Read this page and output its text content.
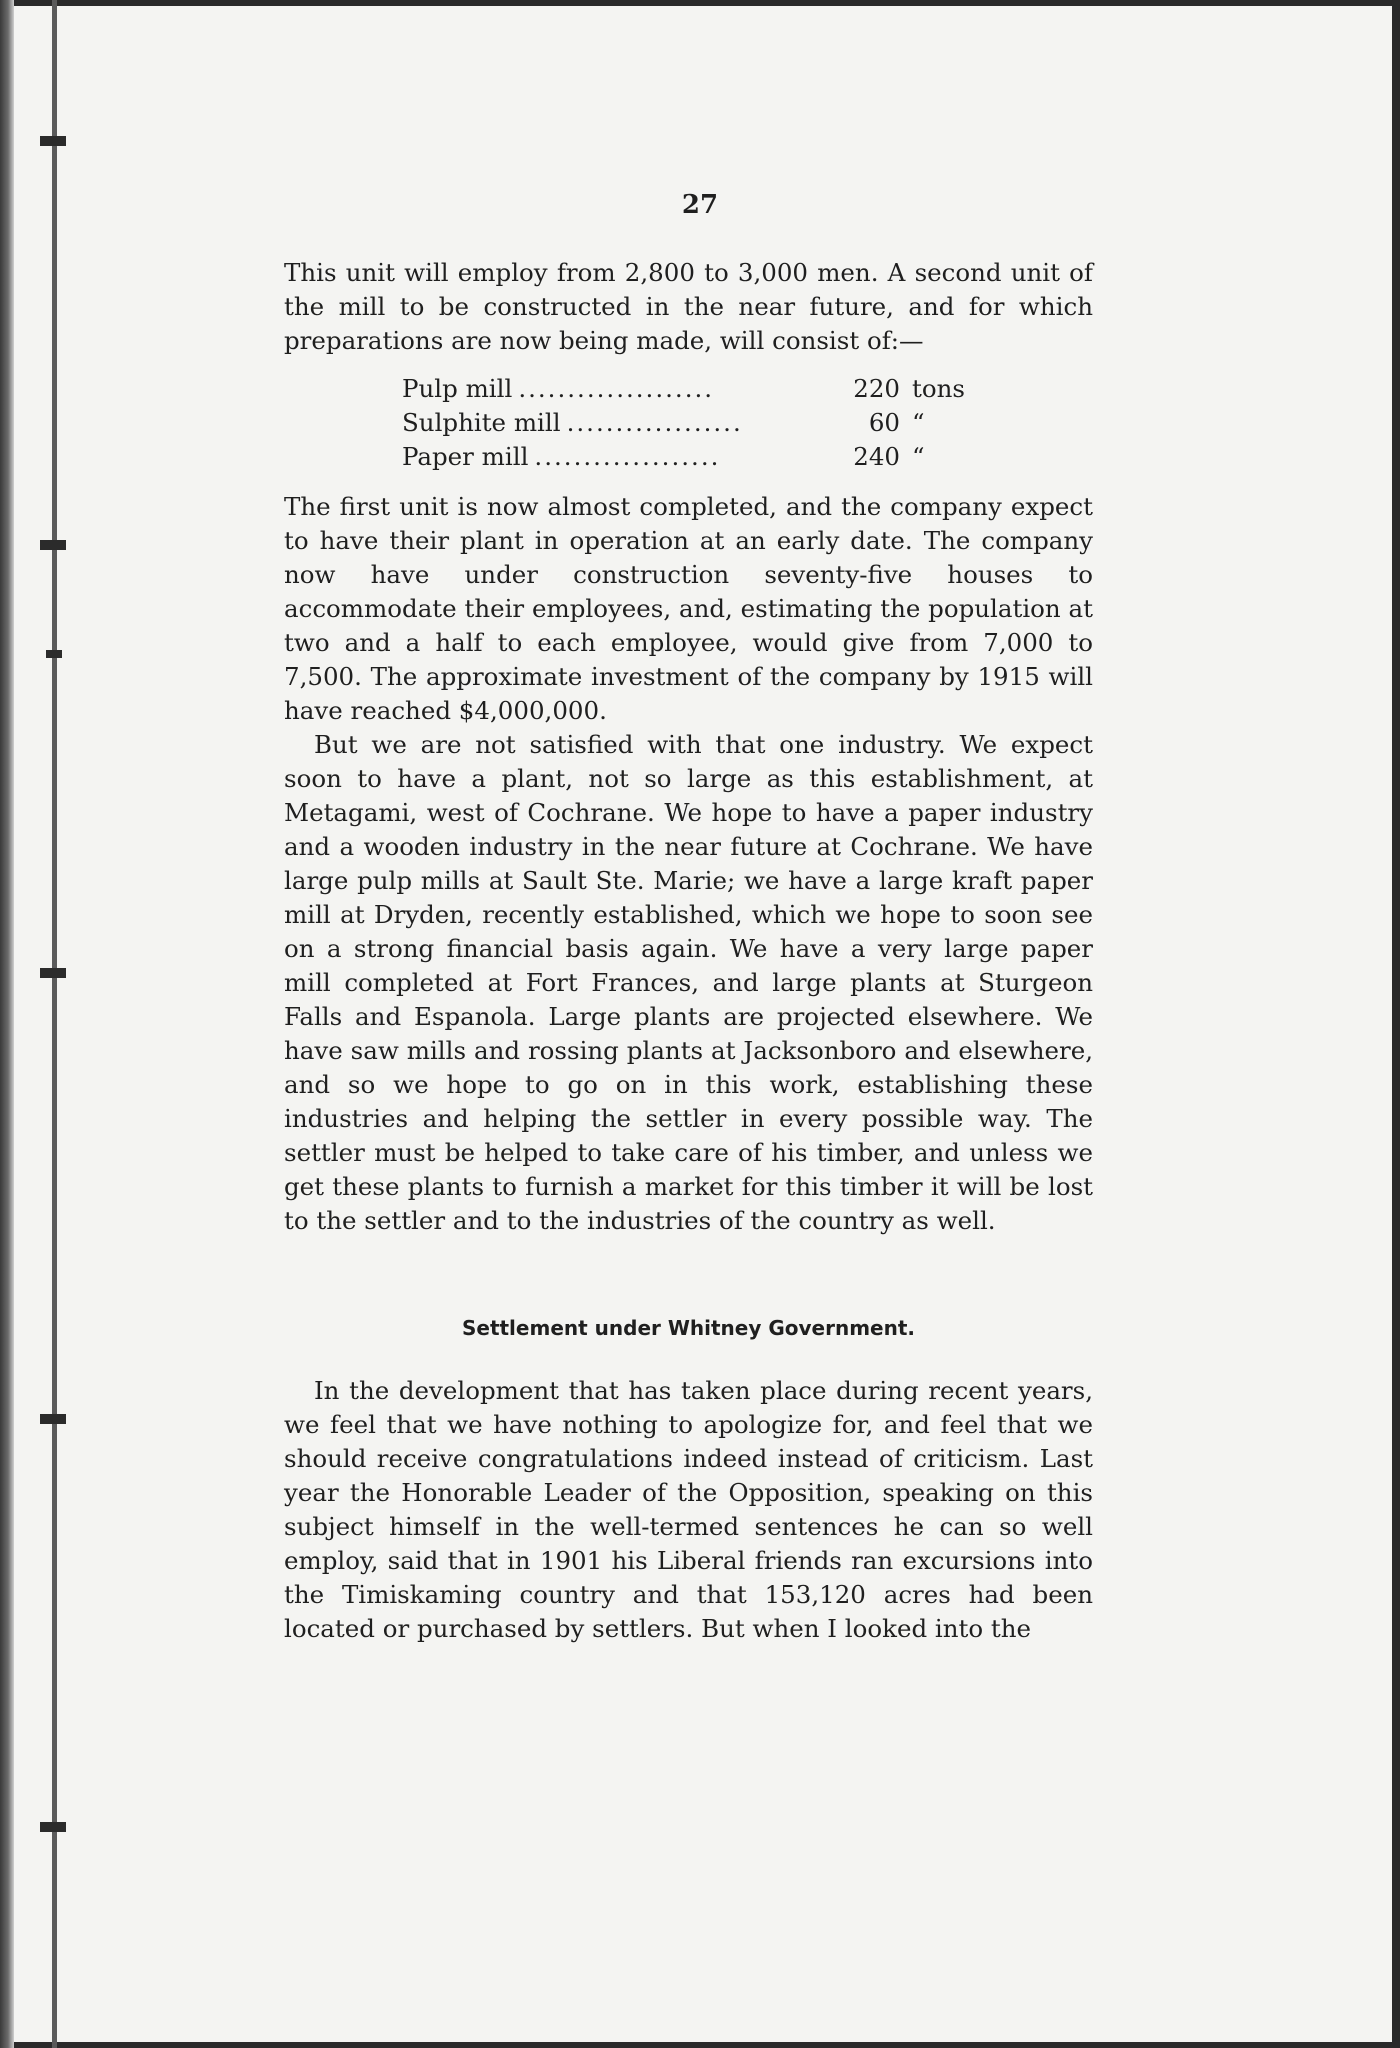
27

This unit will employ from 2,800 to 3,000 men. A second unit of the mill to be constructed in the near future, and for which preparations are now being made, will consist of:—

Pulp mill ....................	220 tons
Sulphite mill ..................	60 “
Paper mill ...................	240 “

The first unit is now almost completed, and the company expect to have their plant in operation at an early date. The company now have under construction seventy-five houses to accommodate their employees, and, estimating the population at two and a half to each employee, would give from 7,000 to 7,500. The approximate investment of the company by 1915 will have reached $4,000,000.

But we are not satisfied with that one industry. We expect soon to have a plant, not so large as this establishment, at Metagami, west of Cochrane. We hope to have a paper industry and a wooden industry in the near future at Cochrane. We have large pulp mills at Sault Ste. Marie; we have a large kraft paper mill at Dryden, recently established, which we hope to soon see on a strong financial basis again. We have a very large paper mill completed at Fort Frances, and large plants at Sturgeon Falls and Espanola. Large plants are projected elsewhere. We have saw mills and rossing plants at Jacksonboro and elsewhere, and so we hope to go on in this work, establishing these industries and helping the settler in every possible way. The settler must be helped to take care of his timber, and unless we get these plants to furnish a market for this timber it will be lost to the settler and to the industries of the country as well.

Settlement under Whitney Government.

In the development that has taken place during recent years, we feel that we have nothing to apologize for, and feel that we should receive congratulations indeed instead of criticism. Last year the Honorable Leader of the Opposition, speaking on this subject himself in the well-termed sentences he can so well employ, said that in 1901 his Liberal friends ran excursions into the Timiskaming country and that 153,120 acres had been located or purchased by settlers. But when I looked into the
